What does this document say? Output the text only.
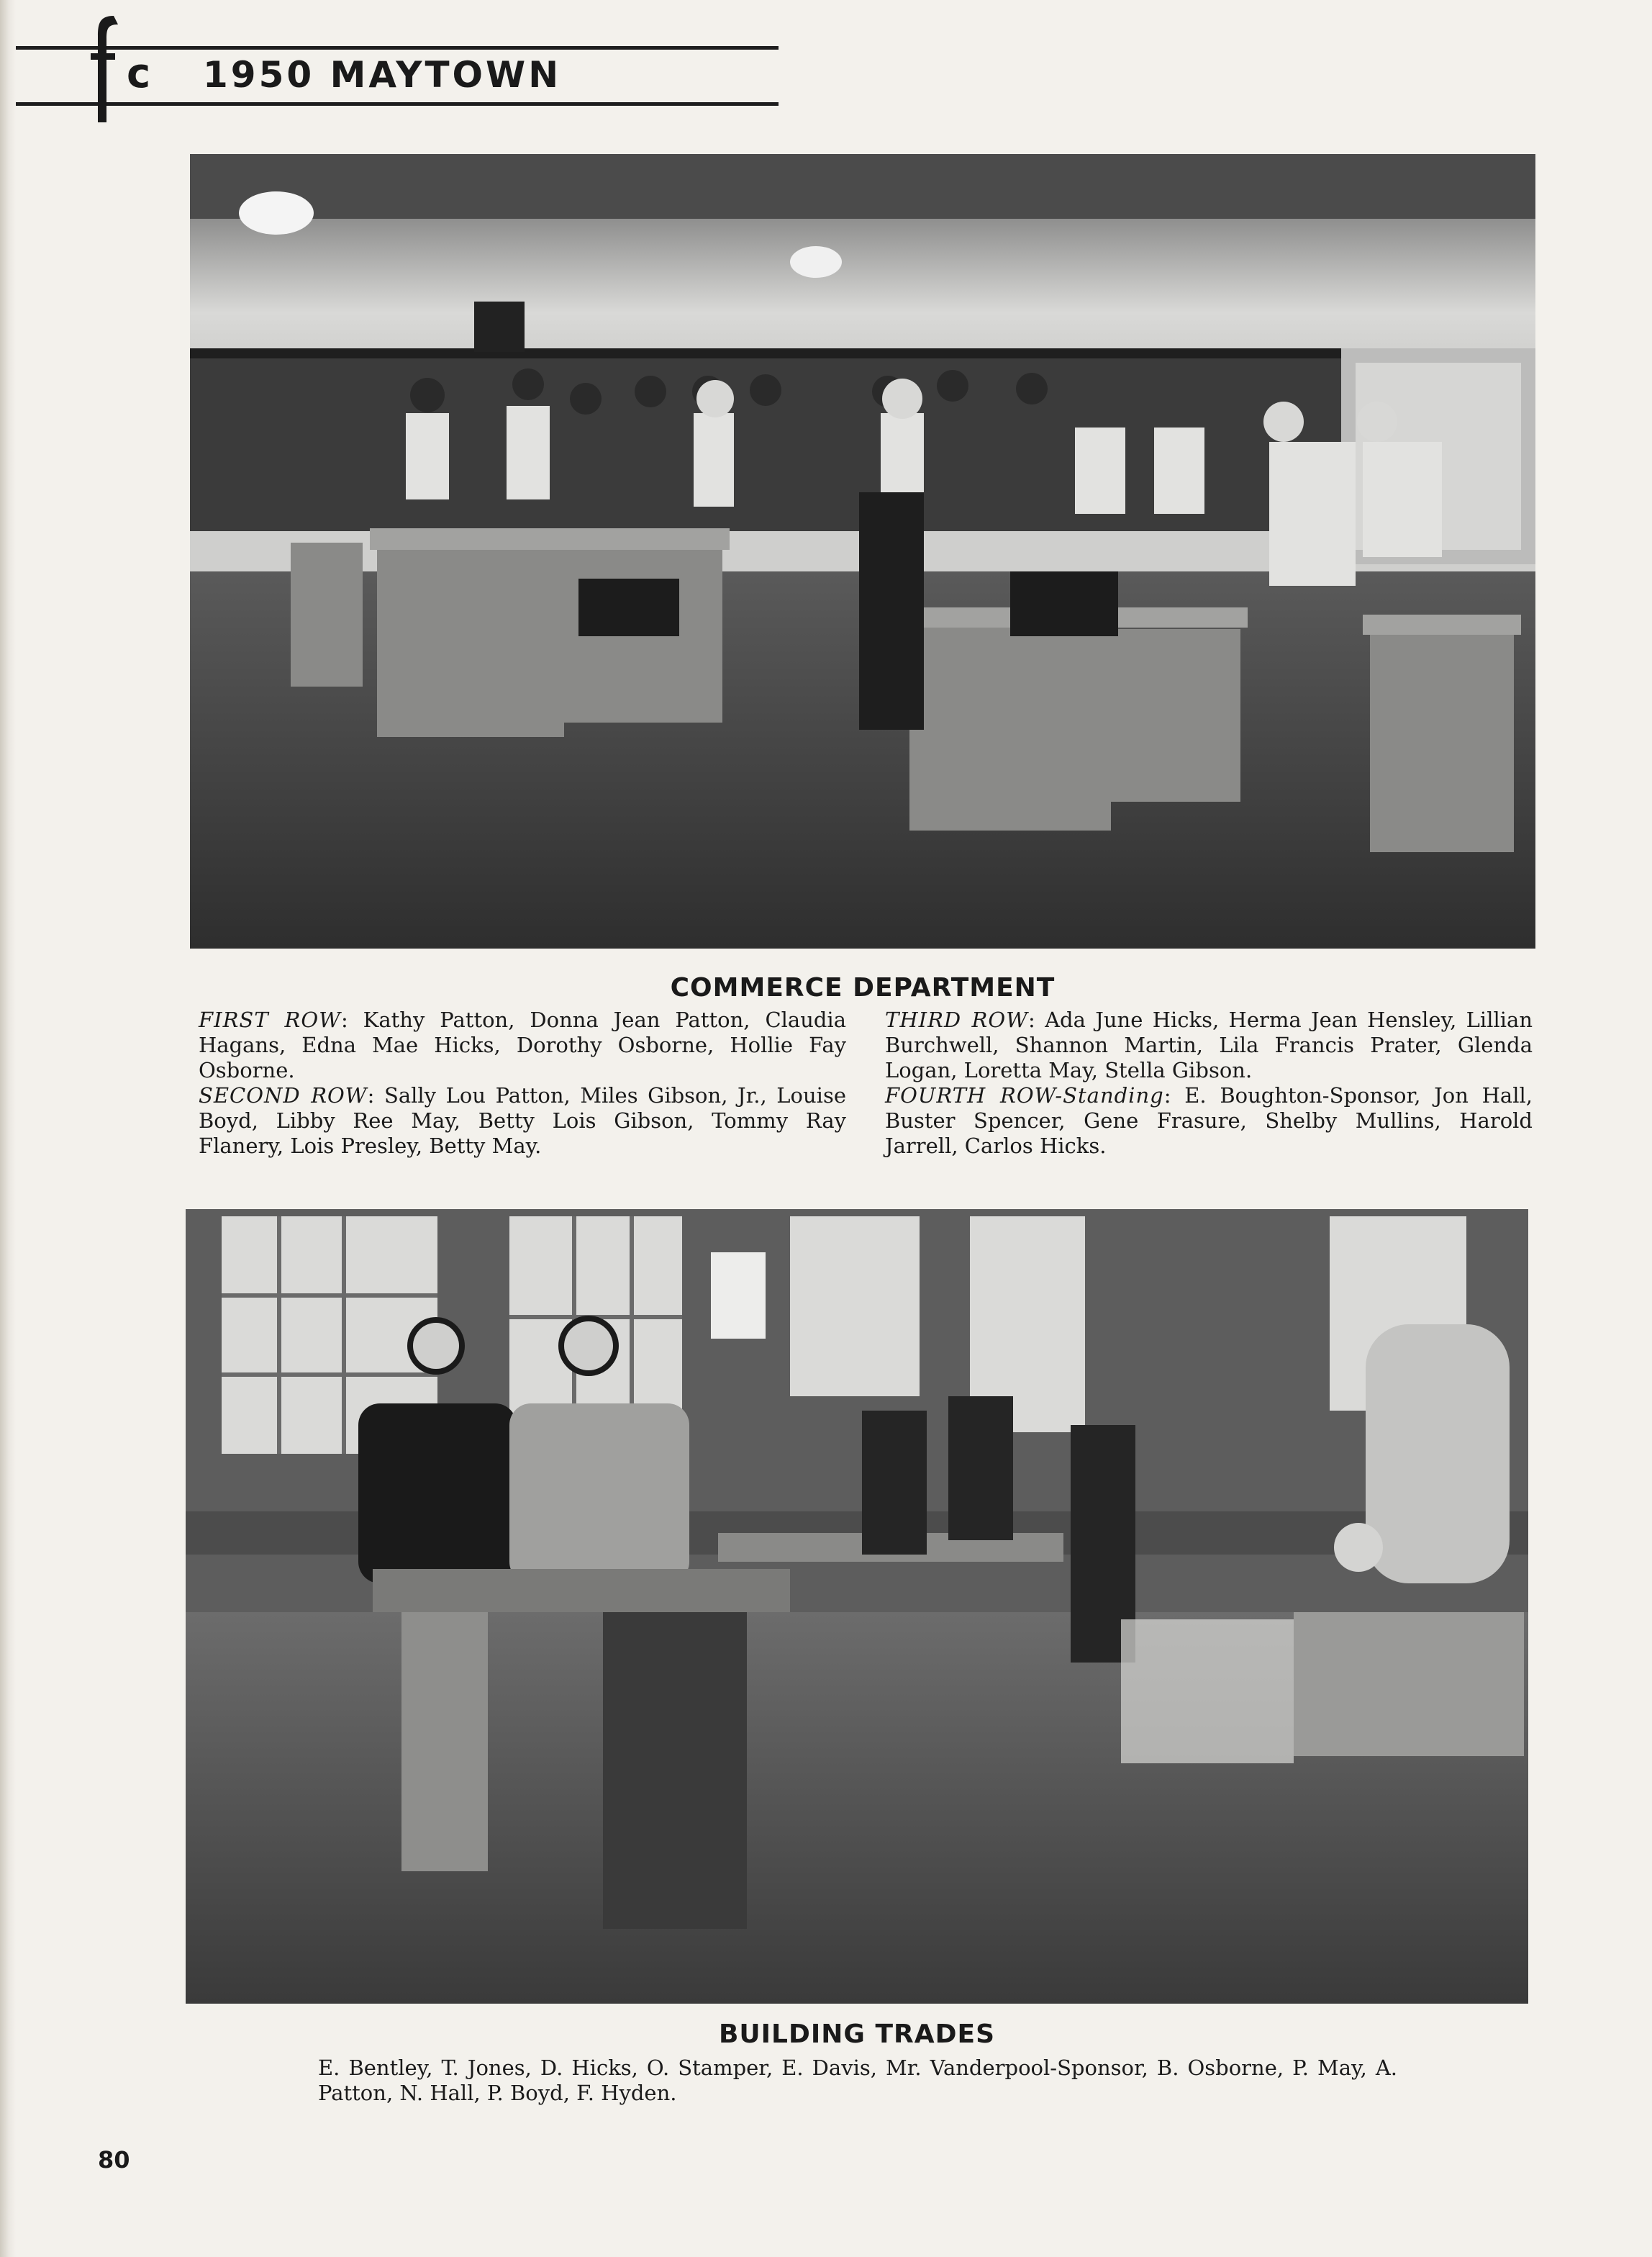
c 1950 MAYTOWN
COMMERCE DEPARTMENT
FIRST ROW: Kathy Patton, Donna Jean Patton, Claudia Hagans, Edna Mae Hicks, Dorothy Osborne, Hollie Fay Osborne.
SECOND ROW: Sally Lou Patton, Miles Gibson, Jr., Louise Boyd, Libby Ree May, Betty Lois Gibson, Tommy Ray Flanery, Lois Presley, Betty May.
THIRD ROW: Ada June Hicks, Herma Jean Hensley, Lillian Burchwell, Shannon Martin, Lila Francis Prater, Glenda Logan, Loretta May, Stella Gibson.
FOURTH ROW-Standing: E. Boughton-Sponsor, Jon Hall, Buster Spencer, Gene Frasure, Shelby Mullins, Harold Jarrell, Carlos Hicks.
BUILDING TRADES
E. Bentley, T. Jones, D. Hicks, O. Stamper, E. Davis, Mr. Vanderpool-Sponsor, B. Osborne, P. May, A. Patton, N. Hall, P. Boyd, F. Hyden.
80
